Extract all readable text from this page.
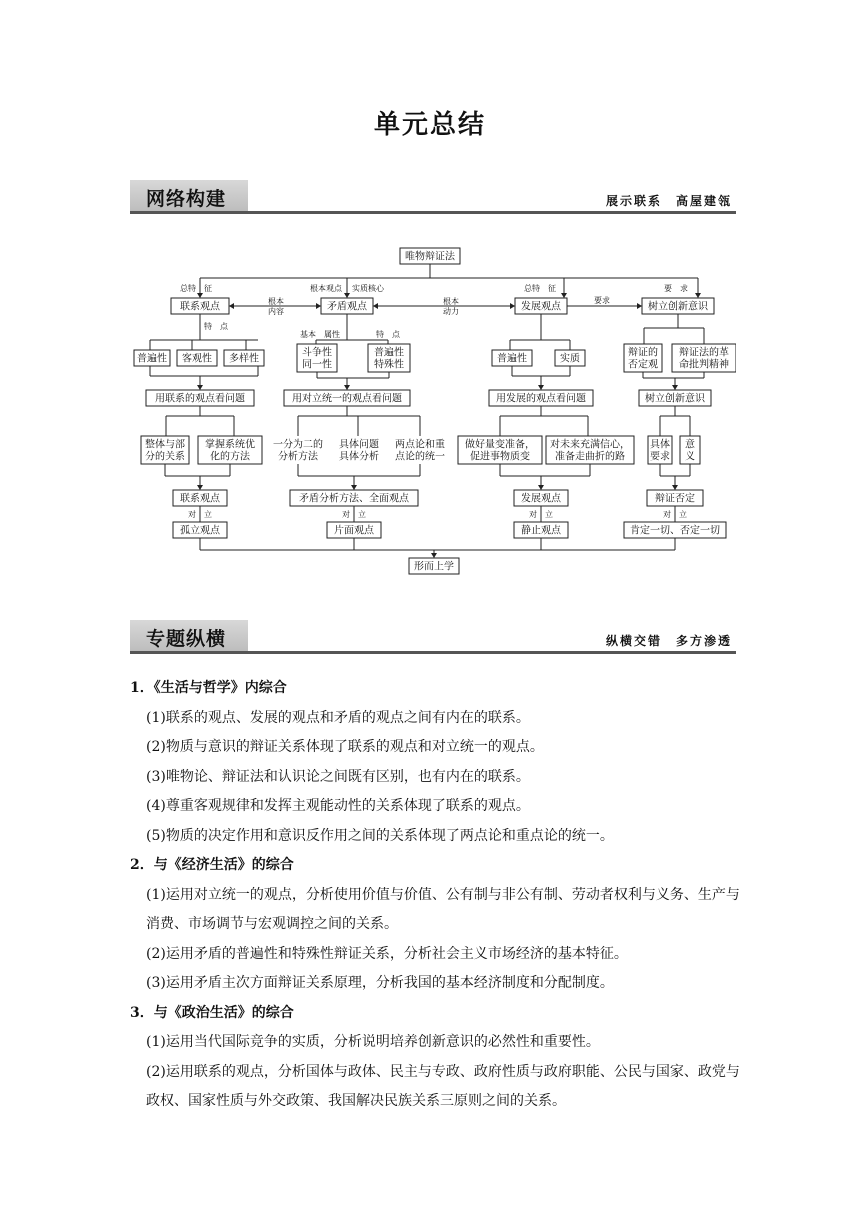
单元总结
网络构建	展示联系　高屋建瓴
唯物辩证法
总特　征	根本观点 实质核心	总特　征	要　求
联系观点	矛盾观点	发展观点	树立创新意识
根本内容
根本动力
要求
特　点
普遍性 客观性 多样性
基本　属性	特　点
斗争性同一性
普遍性特殊性
普遍性	实质
辩证的否定观
辩证法的革命批判精神
用联系的观点看问题	用对立统一的观点看问题	用发展的观点看问题	树立创新意识
整体与部分的关系
掌握系统优化的方法
一分为二的分析方法
具体问题具体分析
两点论和重点论的统一
做好量变准备，促进事物质变
对未来充满信心，准备走曲折的路
具体要求
意义
联系观点	矛盾分析方法、全面观点	发展观点	辩证否定
对　立	对　立	对　立	对　立
孤立观点	片面观点	静止观点	肯定一切、否定一切
形而上学
专题纵横	纵横交错　多方渗透
1．《生活与哲学》内综合
(1)联系的观点、发展的观点和矛盾的观点之间有内在的联系。
(2)物质与意识的辩证关系体现了联系的观点和对立统一的观点。
(3)唯物论、辩证法和认识论之间既有区别，也有内在的联系。
(4)尊重客观规律和发挥主观能动性的关系体现了联系的观点。
(5)物质的决定作用和意识反作用之间的关系体现了两点论和重点论的统一。
2．与《经济生活》的综合
(1)运用对立统一的观点，分析使用价值与价值、公有制与非公有制、劳动者权利与义务、生产与消费、市场调节与宏观调控之间的关系。
(2)运用矛盾的普遍性和特殊性辩证关系，分析社会主义市场经济的基本特征。
(3)运用矛盾主次方面辩证关系原理，分析我国的基本经济制度和分配制度。
3．与《政治生活》的综合
(1)运用当代国际竞争的实质，分析说明培养创新意识的必然性和重要性。
(2)运用联系的观点，分析国体与政体、民主与专政、政府性质与政府职能、公民与国家、政党与政权、国家性质与外交政策、我国解决民族关系三原则之间的关系。
